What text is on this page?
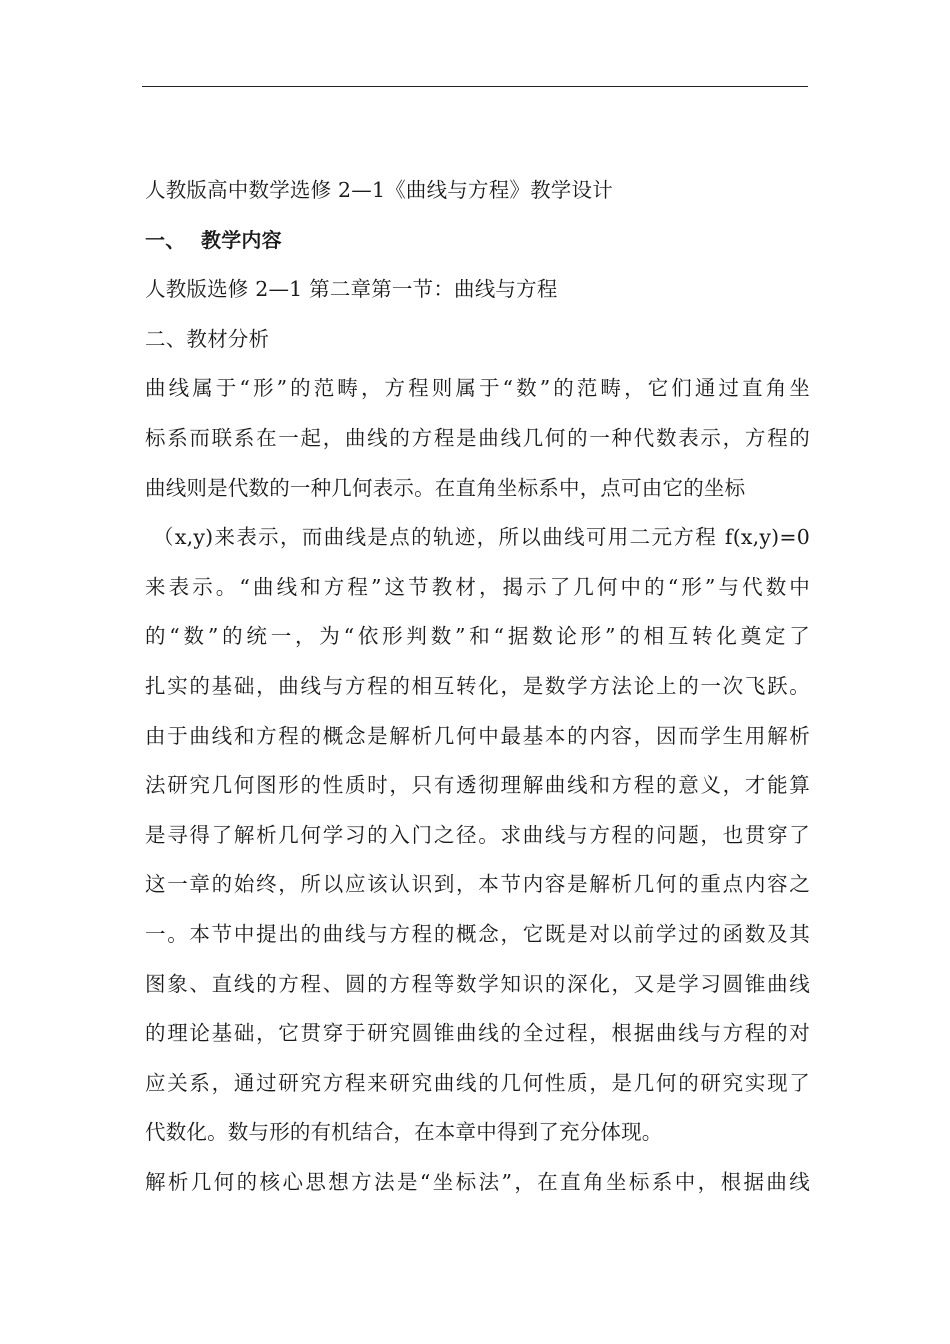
人教版高中数学选修 2—1《曲线与方程》教学设计
一、 教学内容
人教版选修 2—1 第二章第一节：曲线与方程
二、教材分析
曲线属于“形”的范畴，方程则属于“数”的范畴，它们通过直角坐
标系而联系在一起，曲线的方程是曲线几何的一种代数表示，方程的
曲线则是代数的一种几何表示。在直角坐标系中，点可由它的坐标
（x,y)来表示，而曲线是点的轨迹，所以曲线可用二元方程 f(x,y)=0
来表示。“曲线和方程”这节教材，揭示了几何中的“形”与代数中
的“数”的统一，为“依形判数”和“据数论形”的相互转化奠定了
扎实的基础，曲线与方程的相互转化，是数学方法论上的一次飞跃。
由于曲线和方程的概念是解析几何中最基本的内容，因而学生用解析
法研究几何图形的性质时，只有透彻理解曲线和方程的意义，才能算
是寻得了解析几何学习的入门之径。求曲线与方程的问题，也贯穿了
这一章的始终，所以应该认识到，本节内容是解析几何的重点内容之
一。本节中提出的曲线与方程的概念，它既是对以前学过的函数及其
图象、直线的方程、圆的方程等数学知识的深化，又是学习圆锥曲线
的理论基础，它贯穿于研究圆锥曲线的全过程，根据曲线与方程的对
应关系，通过研究方程来研究曲线的几何性质，是几何的研究实现了
代数化。数与形的有机结合，在本章中得到了充分体现。
解析几何的核心思想方法是“坐标法”，在直角坐标系中，根据曲线
